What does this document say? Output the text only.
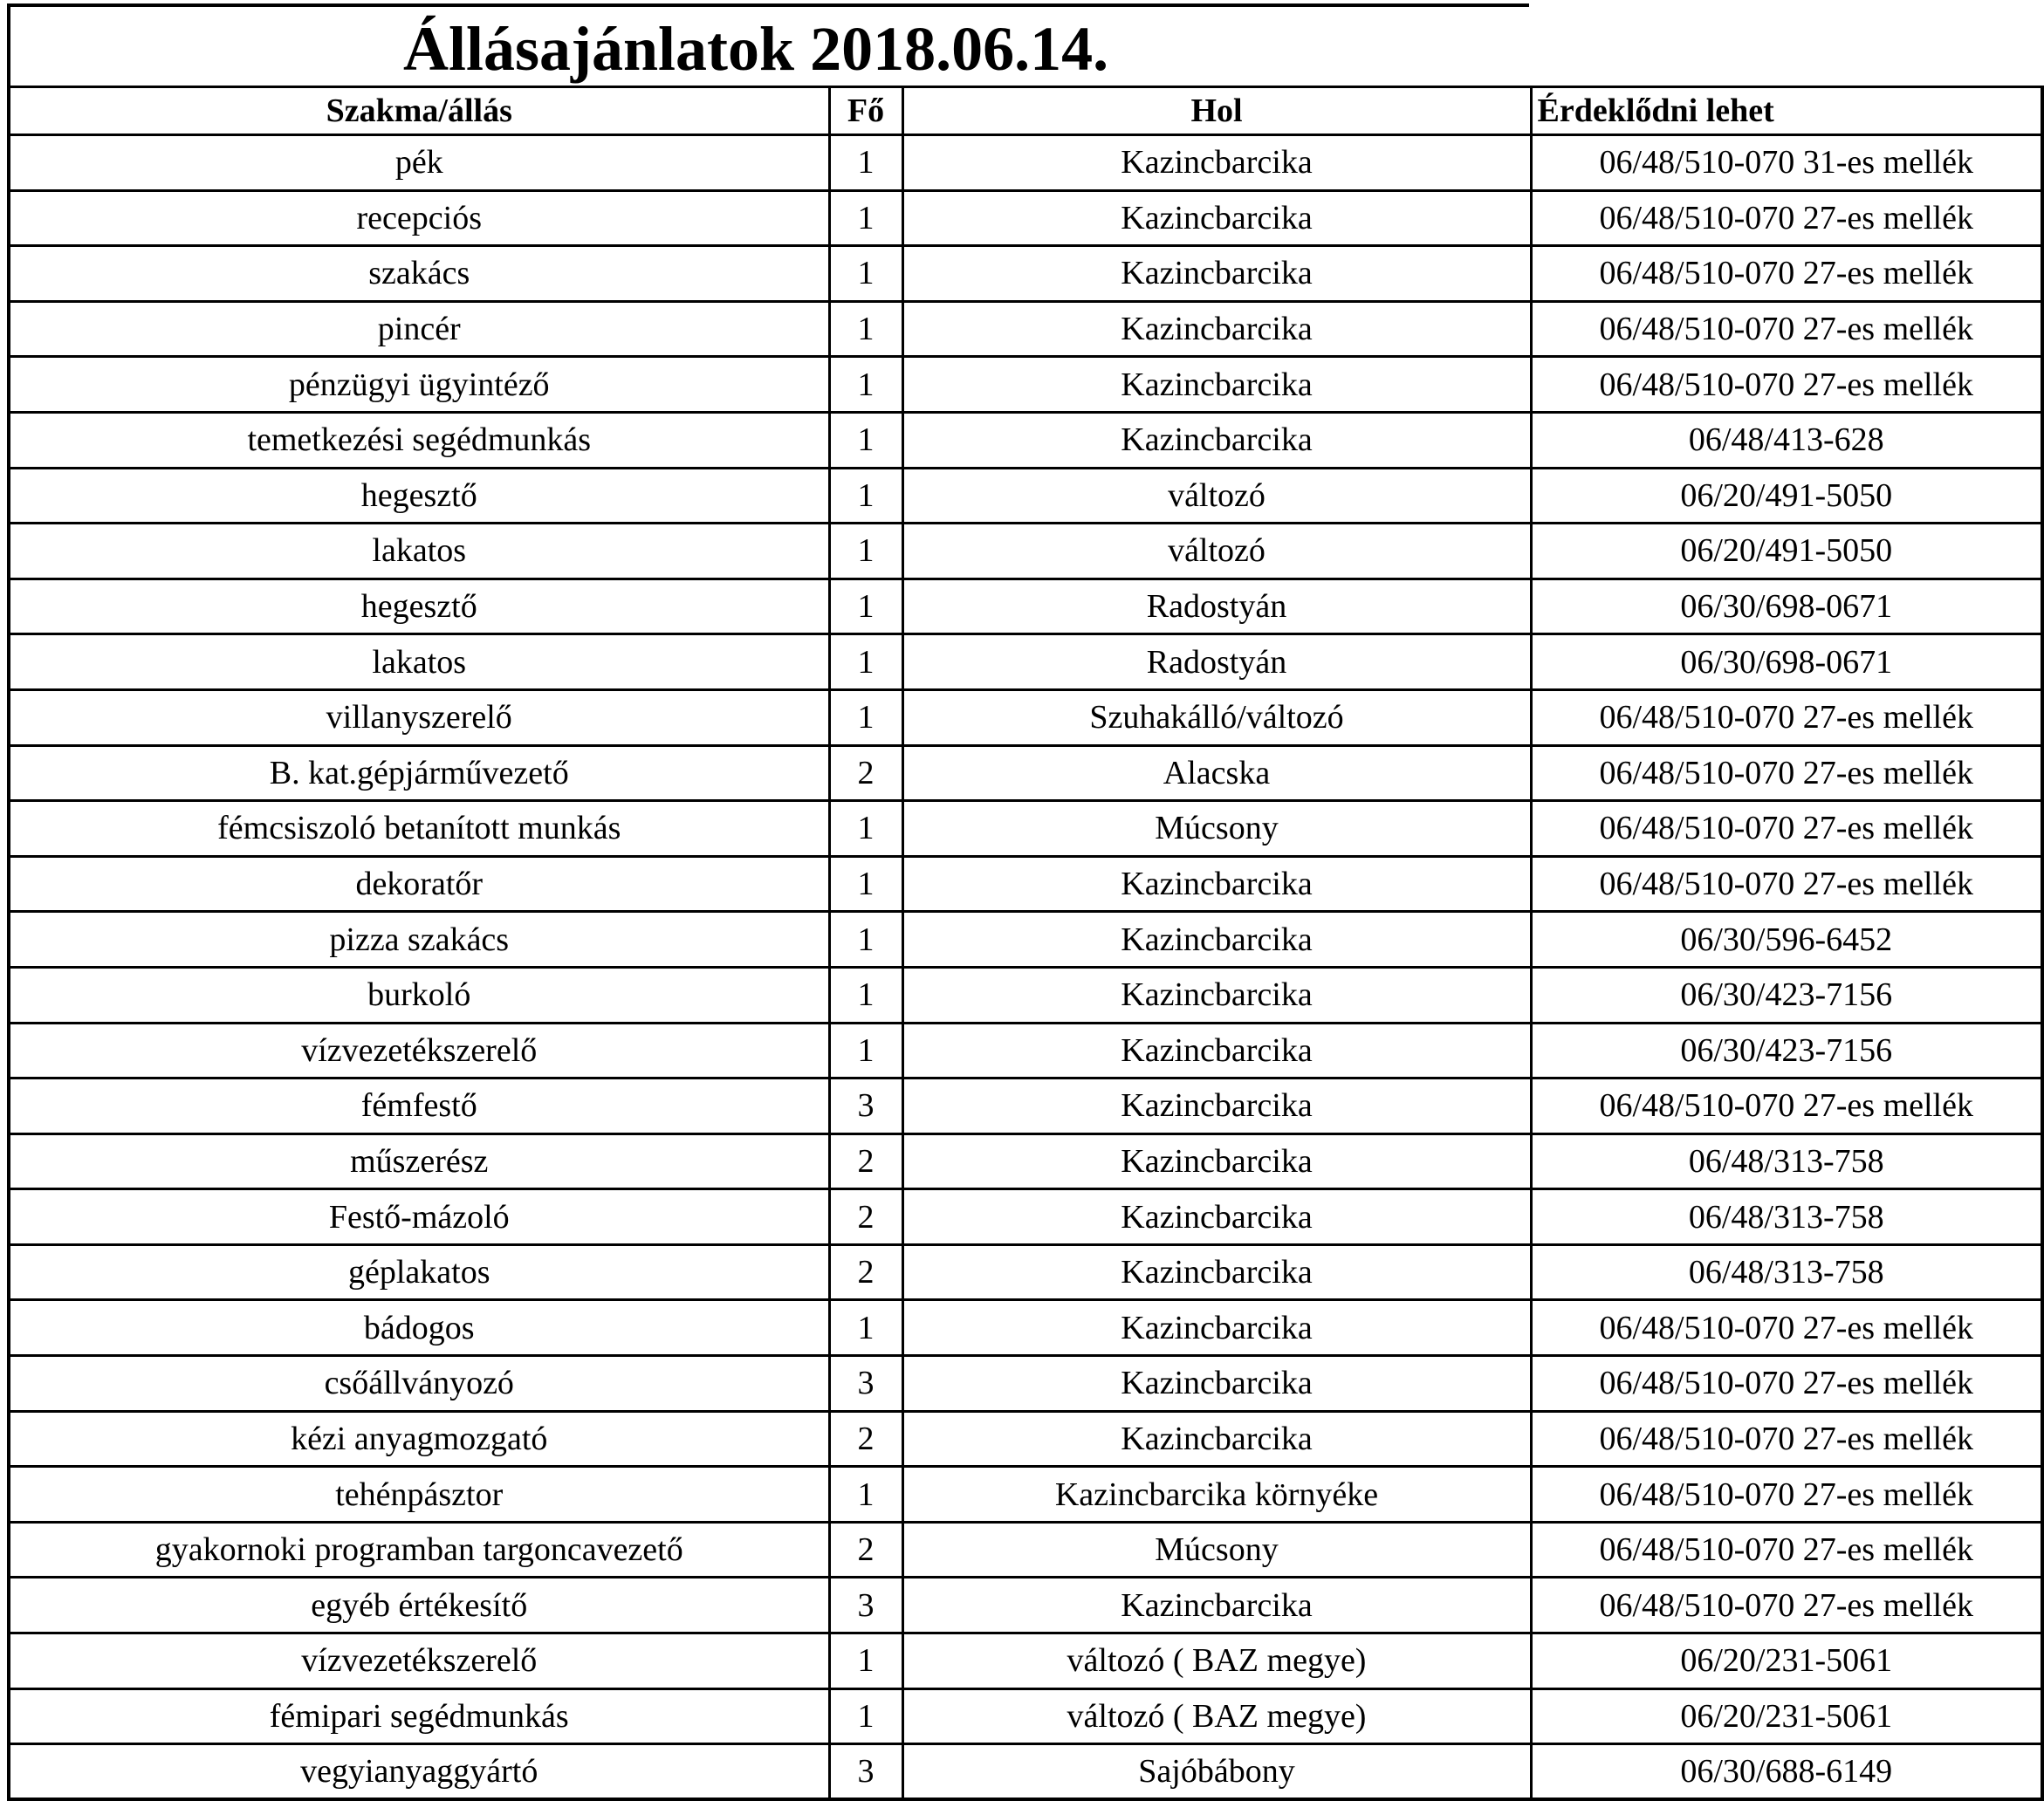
Állásajánlatok 2018.06.14.
Szakma/állás	Fő	Hol	Érdeklődni lehet
pék	1	Kazincbarcika	06/48/510-070 31-es mellék
recepciós	1	Kazincbarcika	06/48/510-070 27-es mellék
szakács	1	Kazincbarcika	06/48/510-070 27-es mellék
pincér	1	Kazincbarcika	06/48/510-070 27-es mellék
pénzügyi ügyintéző	1	Kazincbarcika	06/48/510-070 27-es mellék
temetkezési segédmunkás	1	Kazincbarcika	06/48/413-628
hegesztő	1	változó	06/20/491-5050
lakatos	1	változó	06/20/491-5050
hegesztő	1	Radostyán	06/30/698-0671
lakatos	1	Radostyán	06/30/698-0671
villanyszerelő	1	Szuhakálló/változó	06/48/510-070 27-es mellék
B. kat.gépjárművezető	2	Alacska	06/48/510-070 27-es mellék
fémcsiszoló betanított munkás	1	Múcsony	06/48/510-070 27-es mellék
dekoratőr	1	Kazincbarcika	06/48/510-070 27-es mellék
pizza szakács	1	Kazincbarcika	06/30/596-6452
burkoló	1	Kazincbarcika	06/30/423-7156
vízvezetékszerelő	1	Kazincbarcika	06/30/423-7156
fémfestő	3	Kazincbarcika	06/48/510-070 27-es mellék
műszerész	2	Kazincbarcika	06/48/313-758
Festő-mázoló	2	Kazincbarcika	06/48/313-758
géplakatos	2	Kazincbarcika	06/48/313-758
bádogos	1	Kazincbarcika	06/48/510-070 27-es mellék
csőállványozó	3	Kazincbarcika	06/48/510-070 27-es mellék
kézi anyagmozgató	2	Kazincbarcika	06/48/510-070 27-es mellék
tehénpásztor	1	Kazincbarcika környéke	06/48/510-070 27-es mellék
gyakornoki programban targoncavezető	2	Múcsony	06/48/510-070 27-es mellék
egyéb értékesítő	3	Kazincbarcika	06/48/510-070 27-es mellék
vízvezetékszerelő	1	változó ( BAZ megye)	06/20/231-5061
fémipari segédmunkás	1	változó ( BAZ megye)	06/20/231-5061
vegyianyaggyártó	3	Sajóbábony	06/30/688-6149
